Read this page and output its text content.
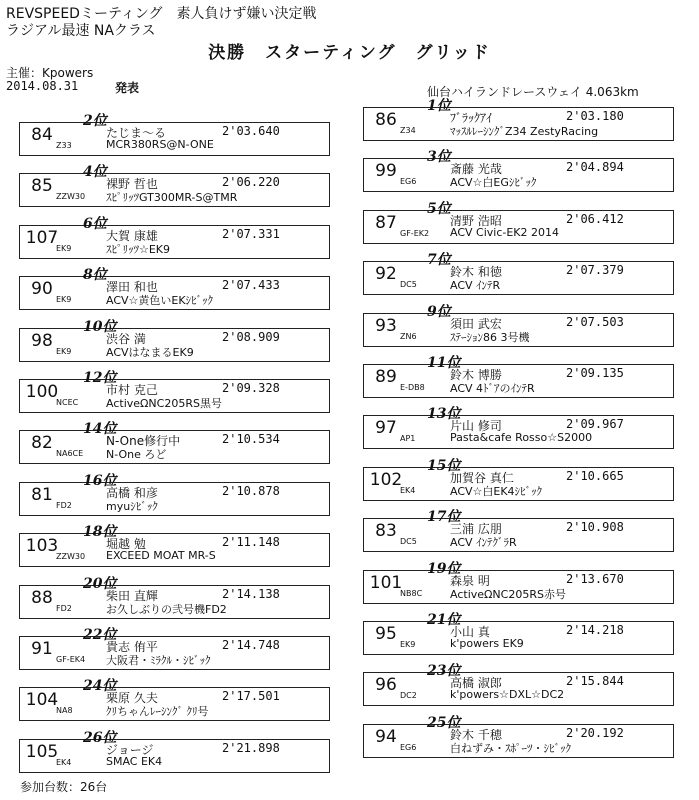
REVSPEEDミーティング　素人負けず嫌い決定戦
ラジアル最速 NAクラス
決勝　スターティング　グリッド
主催：Kpowers
2014.08.31	発表	仙台ハイランドレースウェイ 4.063km
2位
84
Z33
たじま～る	2'03.640
MCR380RS@N-ONE
4位
85
ZZW30
裸野 哲也	2'06.220
ｽﾋﾟﾘｯﾂGT300MR-S@TMR
6位
107
EK9
大賀 康雄	2'07.331
ｽﾋﾟﾘｯﾂ☆EK9
8位
90
EK9
澤田 和也	2'07.433
ACV☆黄色いEKｼﾋﾞｯｸ
10位
98
EK9
渋谷 満	2'08.909
ACVはなまるEK9
12位
100
NCEC
市村 克己	2'09.328
ActiveΩNC205RS黒号
14位
82
NA6CE
N-One修行中	2'10.534
N-One ろど
16位
81
FD2
高橋 和彦	2'10.878
myuｼﾋﾞｯｸ
18位
103
ZZW30
堀越 勉	2'11.148
EXCEED MOAT MR-S
20位
88
FD2
柴田 直輝	2'14.138
お久しぶりの弐号機FD2
22位
91
GF-EK4
貴志 侑平	2'14.748
大阪君・ﾐﾗｸﾙ・ｼﾋﾞｯｸ
24位
104
NA8
栗原 久夫	2'17.501
ｸﾘちゃんﾚｰｼﾝｸﾞ ｸﾘ号
26位
105
EK4
ジョージ	2'21.898
SMAC EK4
1位
86
Z34
ﾌﾞﾗｯｸｱｲ	2'03.180
ﾏｯｽﾙﾚｰｼﾝｸﾞZ34 ZestyRacing
3位
99
EG6
斎藤 光哉	2'04.894
ACV☆白EGｼﾋﾞｯｸ
5位
87
GF-EK2
清野 浩昭	2'06.412
ACV Civic-EK2 2014
7位
92
DC5
鈴木 和徳	2'07.379
ACV ｲﾝﾃR
9位
93
ZN6
須田 武宏	2'07.503
ｽﾃｰｼｮﾝ86 3号機
11位
89
E-DB8
鈴木 博勝	2'09.135
ACV 4ﾄﾞｱのｲﾝﾃR
13位
97
AP1
片山 修司	2'09.967
Pasta&cafe Rosso☆S2000
15位
102
EK4
加賀谷 真仁	2'10.665
ACV☆白EK4ｼﾋﾞｯｸ
17位
83
DC5
三浦 広朋	2'10.908
ACV ｲﾝﾃｸﾞﾗR
19位
101
NB8C
森泉 明	2'13.670
ActiveΩNC205RS赤号
21位
95
EK9
小山 真	2'14.218
k'powers EK9
23位
96
DC2
高橋 淑郎	2'15.844
k'powers☆DXL☆DC2
25位
94
EG6
鈴木 千穂	2'20.192
白ねずみ・ｽﾎﾟｰﾂ・ｼﾋﾞｯｸ
参加台数：26台
